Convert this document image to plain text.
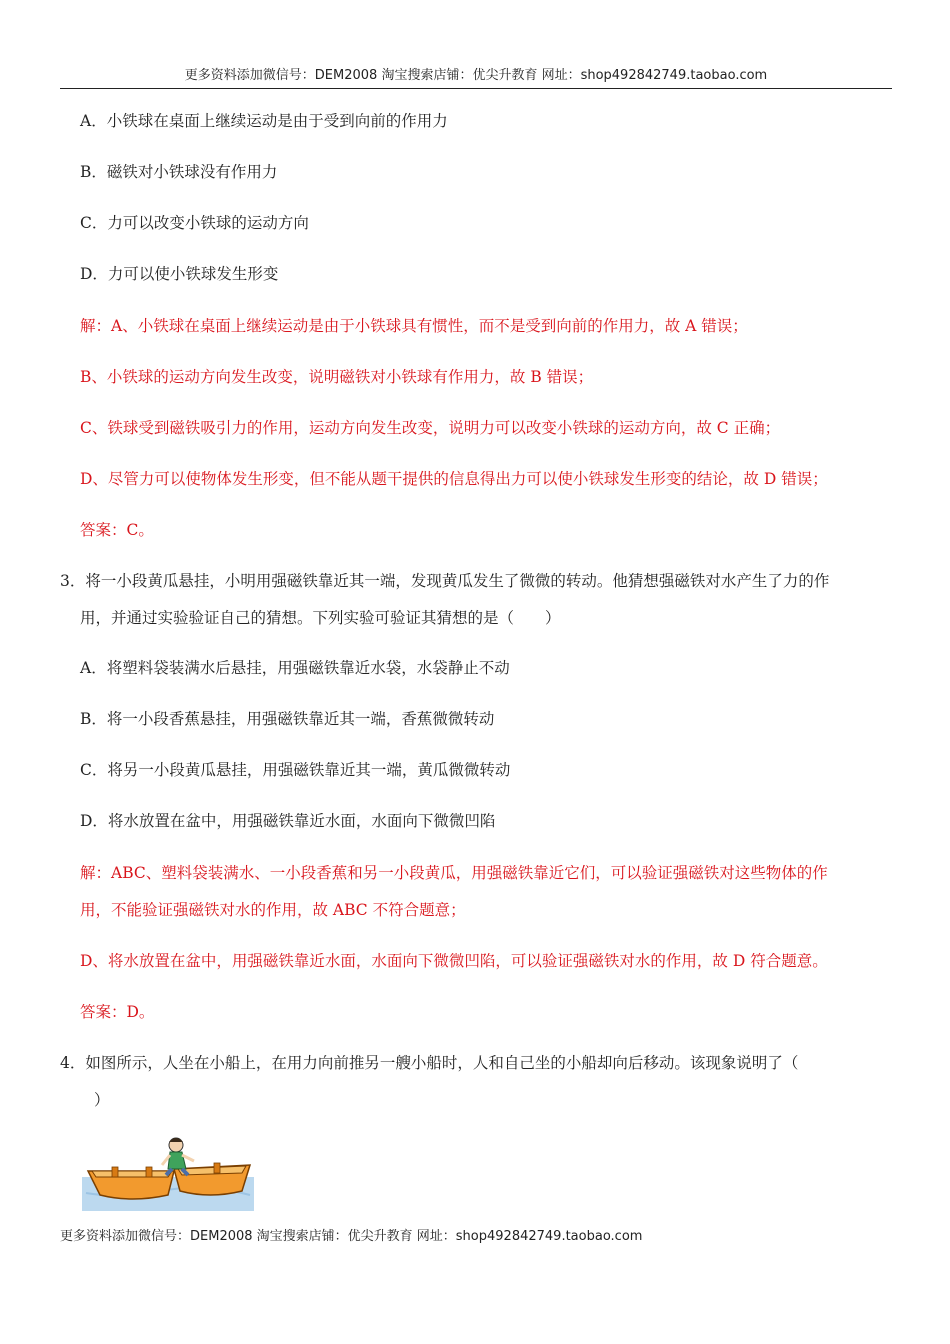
更多资料添加微信号：DEM2008 淘宝搜索店铺：优尖升教育 网址：shop492842749.taobao.com
A．小铁球在桌面上继续运动是由于受到向前的作用力
B．磁铁对小铁球没有作用力
C．力可以改变小铁球的运动方向
D．力可以使小铁球发生形变
解：A、小铁球在桌面上继续运动是由于小铁球具有惯性，而不是受到向前的作用力，故 A 错误；
B、小铁球的运动方向发生改变，说明磁铁对小铁球有作用力，故 B 错误；
C、铁球受到磁铁吸引力的作用，运动方向发生改变，说明力可以改变小铁球的运动方向，故 C 正确；
D、尽管力可以使物体发生形变，但不能从题干提供的信息得出力可以使小铁球发生形变的结论，故 D 错误；
答案：C。
3．将一小段黄瓜悬挂，小明用强磁铁靠近其一端，发现黄瓜发生了微微的转动。他猜想强磁铁对水产生了力的作
用，并通过实验验证自己的猜想。下列实验可验证其猜想的是（　　）
A．将塑料袋装满水后悬挂，用强磁铁靠近水袋，水袋静止不动
B．将一小段香蕉悬挂，用强磁铁靠近其一端，香蕉微微转动
C．将另一小段黄瓜悬挂，用强磁铁靠近其一端，黄瓜微微转动
D．将水放置在盆中，用强磁铁靠近水面，水面向下微微凹陷
解：ABC、塑料袋装满水、一小段香蕉和另一小段黄瓜，用强磁铁靠近它们，可以验证强磁铁对这些物体的作
用，不能验证强磁铁对水的作用，故 ABC 不符合题意；
D、将水放置在盆中，用强磁铁靠近水面，水面向下微微凹陷，可以验证强磁铁对水的作用，故 D 符合题意。
答案：D。
4．如图所示，人坐在小船上，在用力向前推另一艘小船时，人和自己坐的小船却向后移动。该现象说明了（
）
更多资料添加微信号：DEM2008 淘宝搜索店铺：优尖升教育 网址：shop492842749.taobao.com
